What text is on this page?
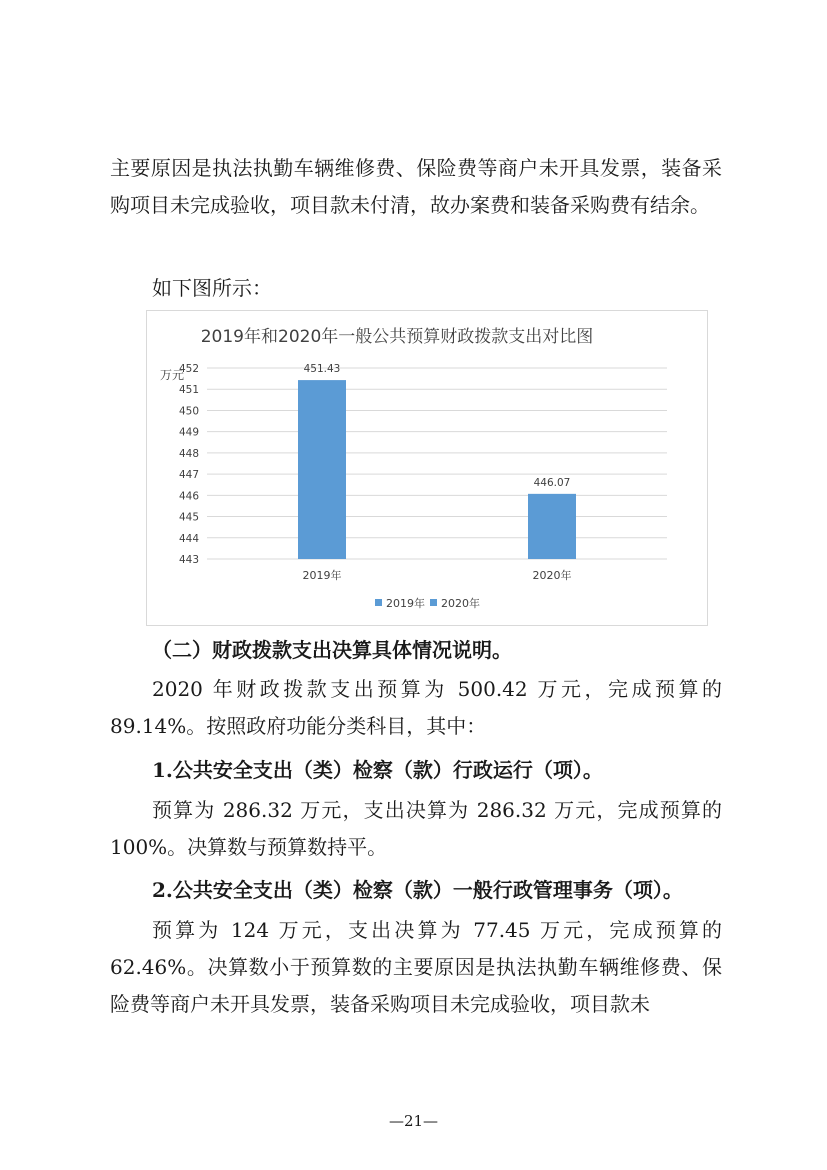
主要原因是执法执勤车辆维修费、保险费等商户未开具发票，装备采购项目未完成验收，项目款未付清，故办案费和装备采购费有结余。

如下图所示：

2019年和2020年一般公共预算财政拨款支出对比图
万元
443
444
445
446
447
448
449
450
451
452	451.43
446.07
2019年	2020年
2019年 2020年

（二）财政拨款支出决算具体情况说明。

2020 年财政拨款支出预算为 500.42 万元，完成预算的 89.14%。按照政府功能分类科目，其中：

1.公共安全支出（类）检察（款）行政运行（项）。

预算为 286.32 万元，支出决算为 286.32 万元，完成预算的 100%。决算数与预算数持平。

2.公共安全支出（类）检察（款）一般行政管理事务（项）。

预算为 124 万元，支出决算为 77.45 万元，完成预算的 62.46%。决算数小于预算数的主要原因是执法执勤车辆维修费、保险费等商户未开具发票，装备采购项目未完成验收，项目款未

—21—
